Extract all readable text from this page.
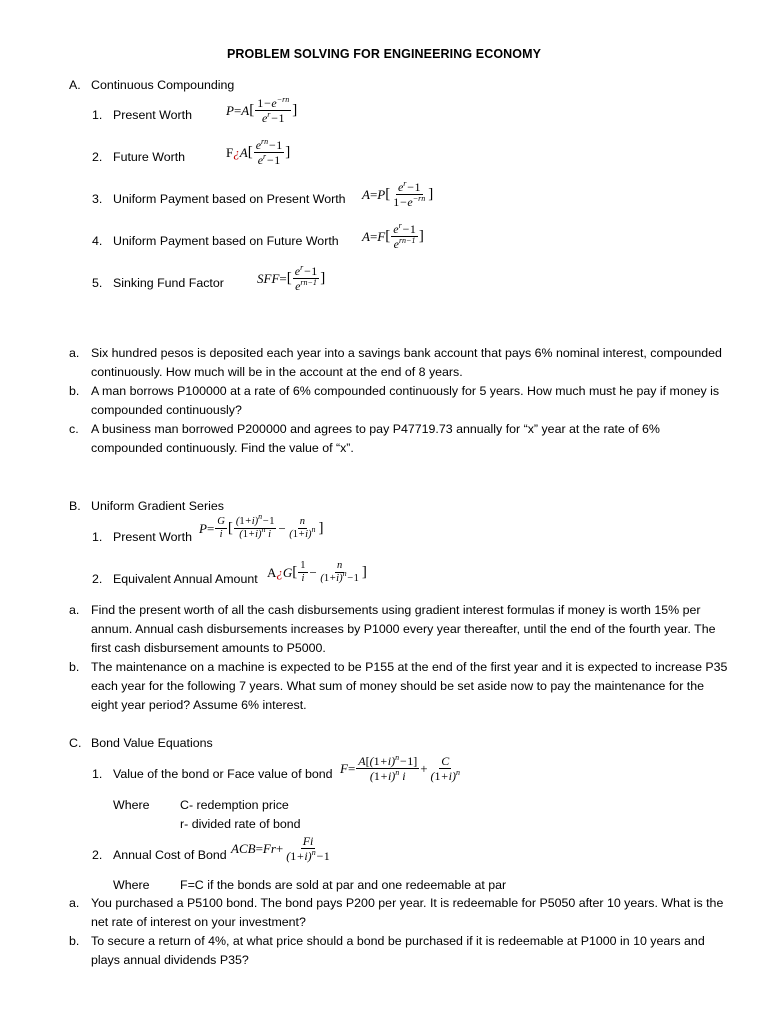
PROBLEM SOLVING FOR ENGINEERING ECONOMY
A. Continuous Compounding
1. Present Worth	P = A [ $\frac{1-e^{-rn}}{e^r-1}$ ]
2. Future Worth	F ¿ A [ $\frac{e^{rn}-1}{e^r-1}$ ]
3. Uniform Payment based on Present Worth A = P [ $\frac{e^r-1}{1-e^{-rn}}$ ]
4. Uniform Payment based on Future Worth A = F [ $\frac{e^r-1}{e^{rn-1}}$ ]
5. Sinking Fund Factor	SFF = [ $\frac{e^r-1}{e^{rn-1}}$ ]
a. Six hundred pesos is deposited each year into a savings bank account that pays 6% nominal interest, compounded continuously. How much will be in the account at the end of 8 years.
b. A man borrows P100000 at a rate of 6% compounded continuously for 5 years. How much must he pay if money is compounded continuously?
c. A business man borrowed P200000 and agrees to pay P47719.73 annually for “x” year at the rate of 6% compounded continuously. Find the value of “x”.
B. Uniform Gradient Series
1. Present Worth
$P = \frac{G}{i}$ [ $\frac{(1+i)^n-1}{(1+i)^n i} - \frac{n}{(1+i)^n}$ ]
2. Equivalent Annual Amount A ¿ G [ $\frac{1}{i} - \frac{n}{(1+i)^n-1}$ ]
a. Find the present worth of all the cash disbursements using gradient interest formulas if money is worth 15% per annum. Annual cash disbursements increases by P1000 every year thereafter, until the end of the fourth year. The first cash disbursement amounts to P5000.
b. The maintenance on a machine is expected to be P155 at the end of the first year and it is expected to increase P35 each year for the following 7 years. What sum of money should be set aside now to pay the maintenance for the eight year period? Assume 6% interest.
C. Bond Value Equations
1. Value of the bond or Face value of bond $F = \frac{A[(1+i)^n-1]}{(1+i)^n i} + \frac{C}{(1+i)^n}$
Where C- redemption price
r- divided rate of bond
2. Annual Cost of Bond ACB = $Fr + \frac{Fi}{(1+i)^n-1}$
Where F=C if the bonds are sold at par and one redeemable at par
a. You purchased a P5100 bond. The bond pays P200 per year. It is redeemable for P5050 after 10 years. What is the net rate of interest on your investment?
b. To secure a return of 4%, at what price should a bond be purchased if it is redeemable at P1000 in 10 years and plays annual dividends P35?
